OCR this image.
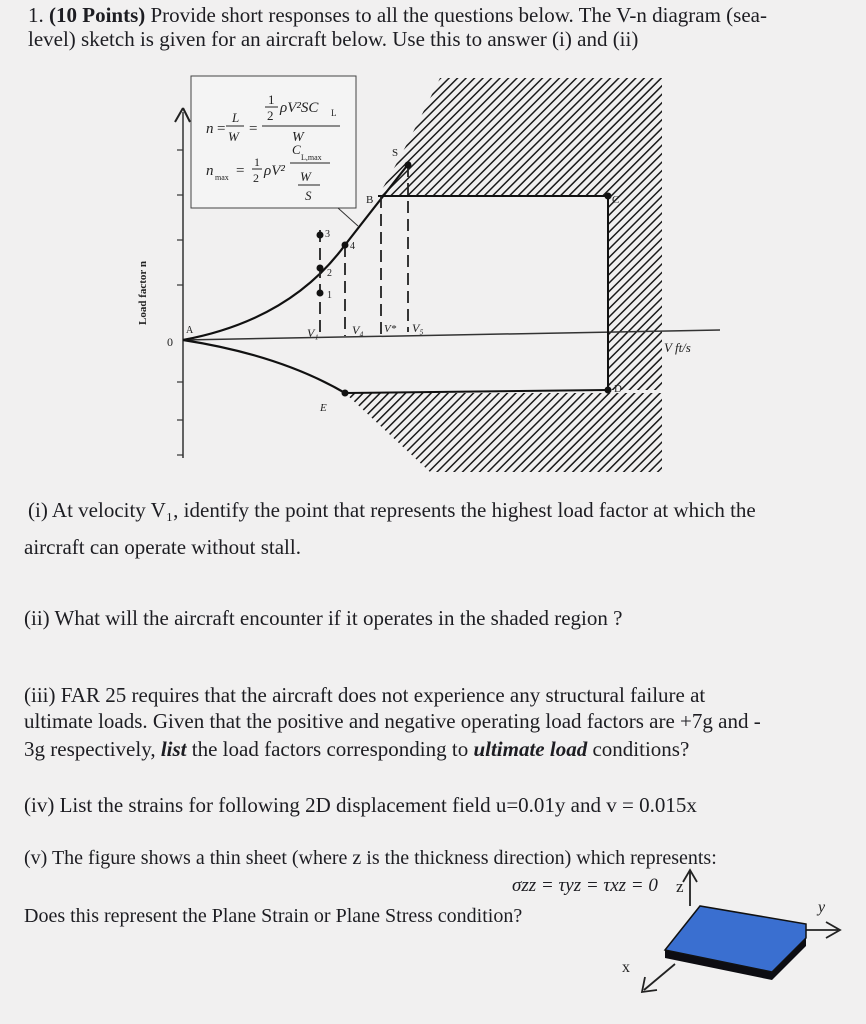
1. (10 Points) Provide short responses to all the questions below. The V-n diagram (sea-
level) sketch is given for an aircraft below. Use this to answer (i) and (ii)
n =
L
W =
1
2 ρV²SC L
W
n max =
1
2 ρV²
C
L,max
W
S
1
2
3
4
S
B	C
D
E
A
0
V₁	V₄ V* V₅
V ft/s
Load factor n
z
y
x
(i) At velocity V₁, identify the point that represents the highest load factor at which the
aircraft can operate without stall.
(ii) What will the aircraft encounter if it operates in the shaded region ?
(iii) FAR 25 requires that the aircraft does not experience any structural failure at
ultimate loads. Given that the positive and negative operating load factors are +7g and -
3g respectively, list the load factors corresponding to ultimate load conditions?
(iv) List the strains for following 2D displacement field u=0.01y and v = 0.015x
(v) The figure shows a thin sheet (where z is the thickness direction) which represents:
σzz = τyz = τxz = 0
Does this represent the Plane Strain or Plane Stress condition?
